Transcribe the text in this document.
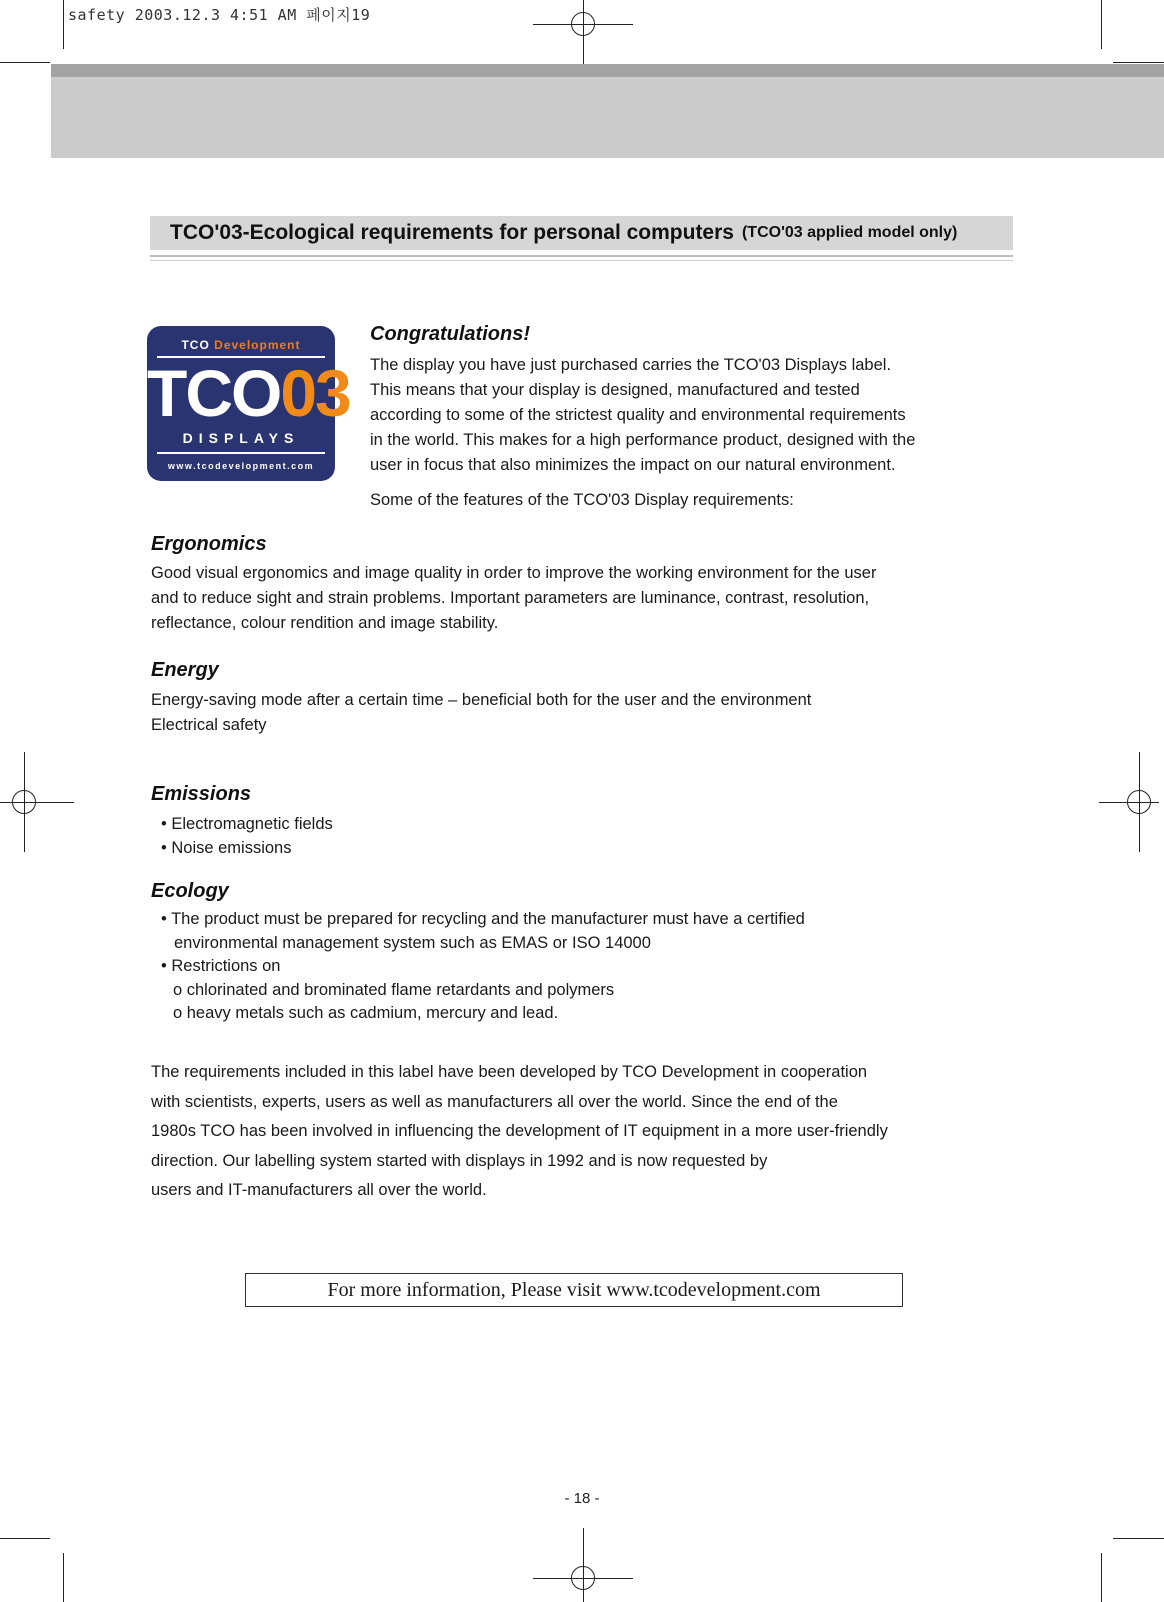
safety 2003.12.3 4:51 AM 페이지19
TCO'03-Ecological requirements for personal computers (TCO'03 applied model only)
TCO Development
TCO03
DISPLAYS
www.tcodevelopment.com
Congratulations!
The display you have just purchased carries the TCO'03 Displays label.
This means that your display is designed, manufactured and tested
according to some of the strictest quality and environmental requirements
in the world. This makes for a high performance product, designed with the
user in focus that also minimizes the impact on our natural environment.
Some of the features of the TCO'03 Display requirements:
Ergonomics
Good visual ergonomics and image quality in order to improve the working environment for the user
and to reduce sight and strain problems. Important parameters are luminance, contrast, resolution,
reflectance, colour rendition and image stability.
Energy
Energy-saving mode after a certain time – beneficial both for the user and the environment
Electrical safety
Emissions
• Electromagnetic fields
• Noise emissions
Ecology
• The product must be prepared for recycling and the manufacturer must have a certified
environmental management system such as EMAS or ISO 14000
• Restrictions on
o chlorinated and brominated flame retardants and polymers
o heavy metals such as cadmium, mercury and lead.
The requirements included in this label have been developed by TCO Development in cooperation
with scientists, experts, users as well as manufacturers all over the world. Since the end of the
1980s TCO has been involved in influencing the development of IT equipment in a more user-friendly
direction. Our labelling system started with displays in 1992 and is now requested by
users and IT-manufacturers all over the world.
For more information, Please visit www.tcodevelopment.com
- 18 -
